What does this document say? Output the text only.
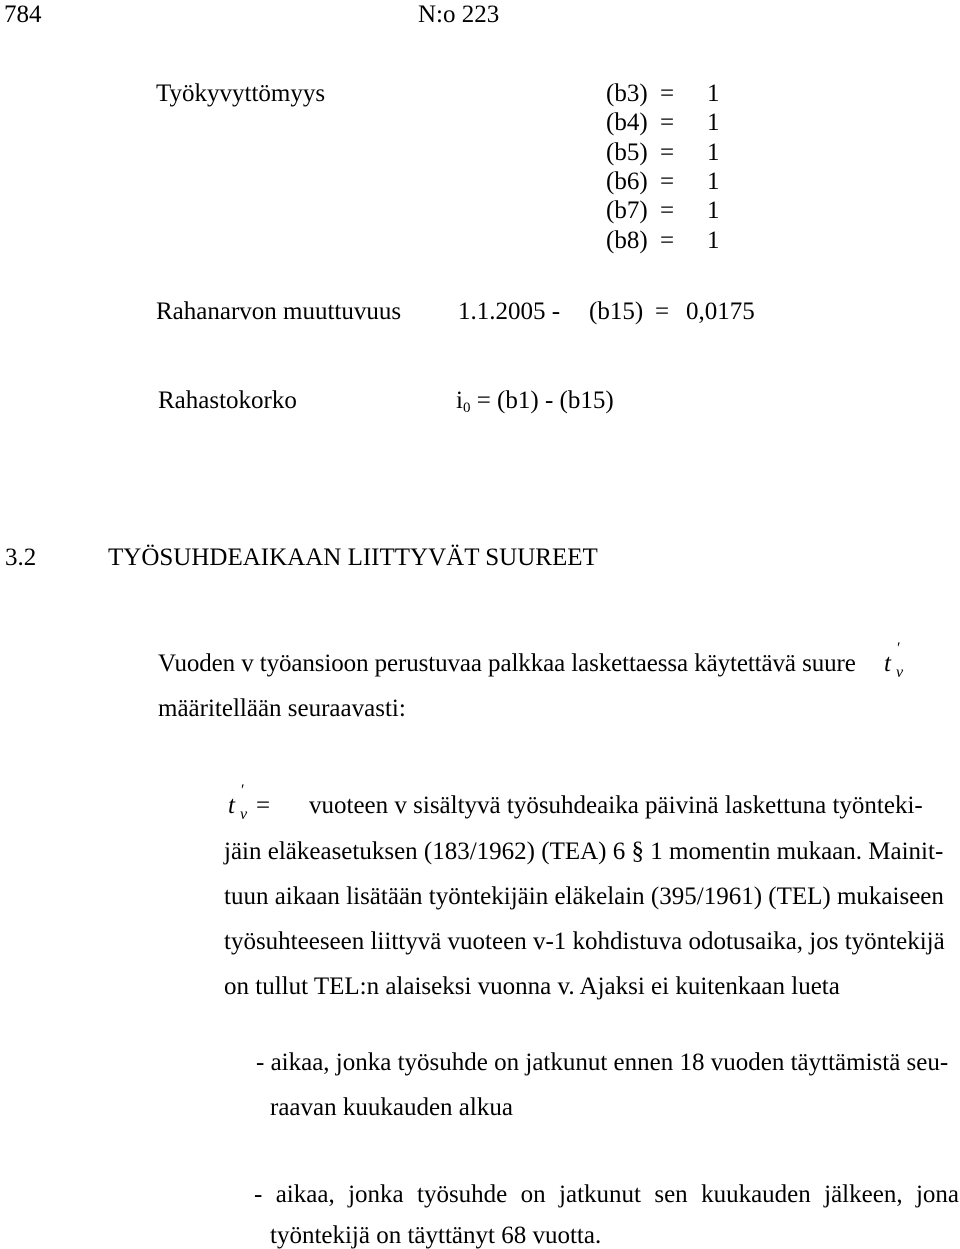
784	N:o 223
Työkyvyttömyys	(b3) = 1
(b4) = 1
(b5) = 1
(b6) = 1
(b7) = 1
(b8) = 1
Rahanarvon muuttuvuus 1.1.2005 - (b15) = 0,0175
Rahastokorko	$i_0 = (b1) - (b15)$
3.2	TYÖSUHDEAIKAAN LIITTYVÄT SUUREET
Vuoden v työansioon perustuvaa palkkaa laskettaessa käytettävä suure t
′
v
määritellään seuraavasti:
t
′
v = vuoteen v sisältyvä työsuhdeaika päivinä laskettuna työnteki-
jäin eläkeasetuksen (183/1962) (TEA) 6 § 1 momentin mukaan. Mainit-
tuun aikaan lisätään työntekijäin eläkelain (395/1961) (TEL) mukaiseen
työsuhteeseen liittyvä vuoteen v-1 kohdistuva odotusaika, jos työntekijä
on tullut TEL:n alaiseksi vuonna v. Ajaksi ei kuitenkaan lueta
- aikaa, jonka työsuhde on jatkunut ennen 18 vuoden täyttämistä seu-
raavan kuukauden alkua
- aikaa, jonka työsuhde on jatkunut sen kuukauden jälkeen, jona
työntekijä on täyttänyt 68 vuotta.
